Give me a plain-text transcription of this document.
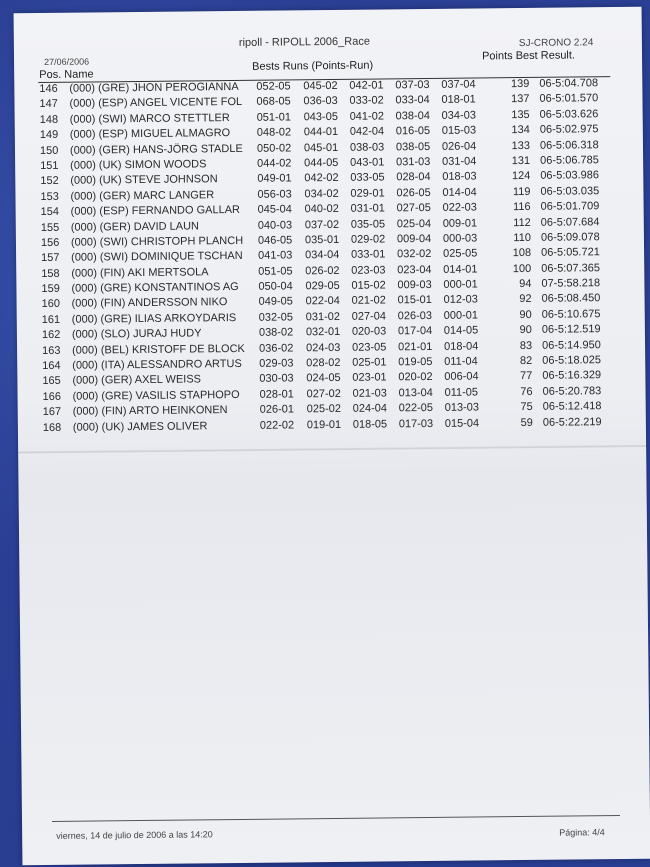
ripoll - RIPOLL 2006_Race	SJ-CRONO 2.24
27/06/2006
Pos. Name
Bests Runs (Points-Run)
Points Best Result.
146 (000) (GRE) JHON PEROGIANNA 052-05 045-02 042-01 037-03 037-04	139 06-5:04.708
147 (000) (ESP) ANGEL VICENTE FOL 068-05 036-03 033-02 033-04 018-01	137 06-5:01.570
148 (000) (SWI) MARCO STETTLER 051-01 043-05 041-02 038-04 034-03	135 06-5:03.626
149 (000) (ESP) MIGUEL ALMAGRO 048-02 044-01 042-04 016-05 015-03	134 06-5:02.975
150 (000) (GER) HANS-JÖRG STADLE 050-02 045-01 038-03 038-05 026-04	133 06-5:06.318
151 (000) (UK) SIMON WOODS	044-02 044-05 043-01 031-03 031-04	131 06-5:06.785
152 (000) (UK) STEVE JOHNSON	049-01 042-02 033-05 028-04 018-03	124 06-5:03.986
153 (000) (GER) MARC LANGER	056-03 034-02 029-01 026-05 014-04	119 06-5:03.035
154 (000) (ESP) FERNANDO GALLAR 045-04 040-02 031-01 027-05 022-03	116 06-5:01.709
155 (000) (GER) DAVID LAUN	040-03 037-02 035-05 025-04 009-01	112 06-5:07.684
156 (000) (SWI) CHRISTOPH PLANCH 046-05 035-01 029-02 009-04 000-03	110 06-5:09.078
157 (000) (SWI) DOMINIQUE TSCHAN 041-03 034-04 033-01 032-02 025-05	108 06-5:05.721
158 (000) (FIN) AKI MERTSOLA	051-05 026-02 023-03 023-04 014-01	100 06-5:07.365
159 (000) (GRE) KONSTANTINOS AG 050-04 029-05 015-02 009-03 000-01	94 07-5:58.218
160 (000) (FIN) ANDERSSON NIKO	049-05 022-04 021-02 015-01 012-03	92 06-5:08.450
161 (000) (GRE) ILIAS ARKOYDARIS 032-05 031-02 027-04 026-03 000-01	90 06-5:10.675
162 (000) (SLO) JURAJ HUDY	038-02 032-01 020-03 017-04 014-05	90 06-5:12.519
163 (000) (BEL) KRISTOFF DE BLOCK 036-02 024-03 023-05 021-01 018-04	83 06-5:14.950
164 (000) (ITA) ALESSANDRO ARTUS 029-03 028-02 025-01 019-05 011-04	82 06-5:18.025
165 (000) (GER) AXEL WEISS	030-03 024-05 023-01 020-02 006-04	77 06-5:16.329
166 (000) (GRE) VASILIS STAPHOPO 028-01 027-02 021-03 013-04 011-05	76 06-5:20.783
167 (000) (FIN) ARTO HEINKONEN	026-01 025-02 024-04 022-05 013-03	75 06-5:12.418
168 (000) (UK) JAMES OLIVER	022-02 019-01 018-05 017-03 015-04	59 06-5:22.219
viernes, 14 de julio de 2006 a las 14:20	Página: 4/4
